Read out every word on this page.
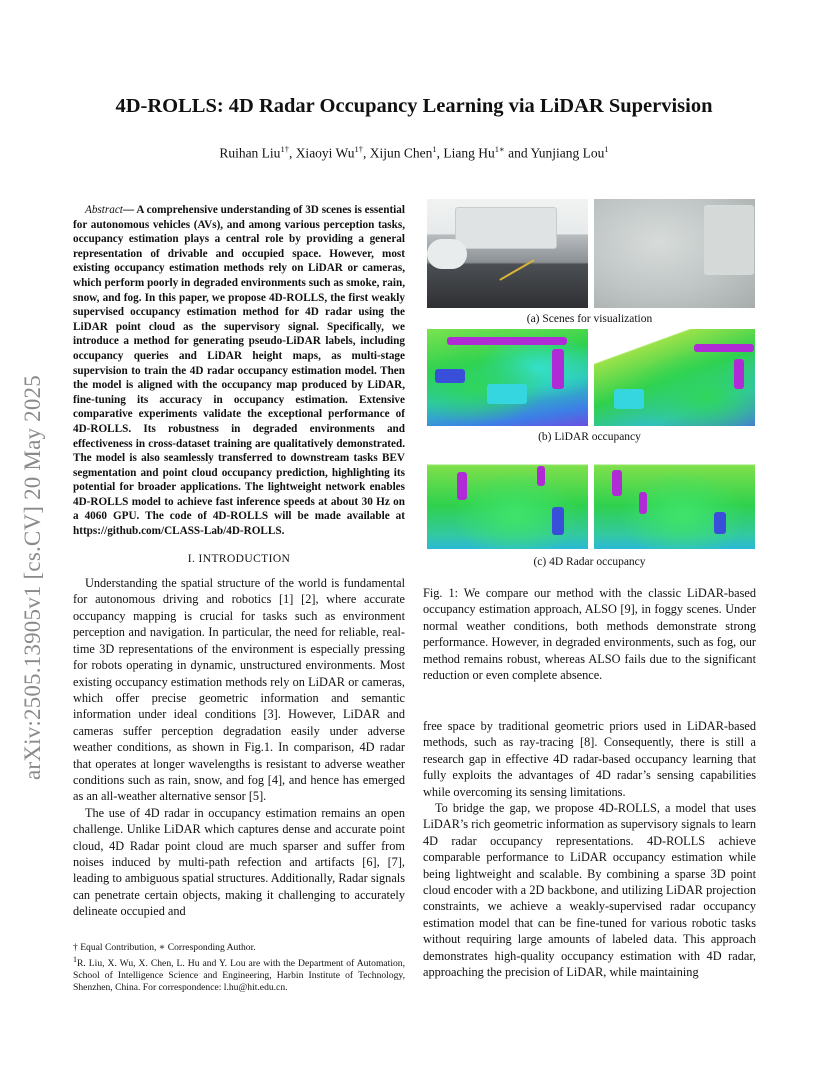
arXiv:2505.13905v1 [cs.CV] 20 May 2025
4D-ROLLS: 4D Radar Occupancy Learning via LiDAR Supervision
Ruihan Liu$^{1\dagger}$, Xiaoyi $Wu^{1\dagger}$, Xijun Chen$^1$, Liang $Hu^{1∗}$ and Yunjiang Lou$^1$

Abstract— A comprehensive understanding of 3D scenes is essential for autonomous vehicles (AVs), and among various perception tasks, occupancy estimation plays a central role by providing a general representation of drivable and occupied space. However, most existing occupancy estimation methods rely on LiDAR or cameras, which perform poorly in degraded environments such as smoke, rain, snow, and fog. In this paper, we propose 4D-ROLLS, the first weakly supervised occupancy estimation method for 4D radar using the LiDAR point cloud as the supervisory signal. Specifically, we introduce a method for generating pseudo-LiDAR labels, including occupancy queries and LiDAR height maps, as multi-stage supervision to train the 4D radar occupancy estimation model. Then the model is aligned with the occupancy map produced by LiDAR, fine-tuning its accuracy in occupancy estimation. Extensive comparative experiments validate the exceptional performance of 4D-ROLLS. Its robustness in degraded environments and effectiveness in cross-dataset training are qualitatively demonstrated. The model is also seamlessly transferred to downstream tasks BEV segmentation and point cloud occupancy prediction, highlighting its potential for broader applications. The lightweight network enables 4D-ROLLS model to achieve fast inference speeds at about 30 Hz on a 4060 GPU. The code of 4D-ROLLS will be made available at https://github.com/CLASS-Lab/4D-ROLLS.

I. INTRODUCTION

Understanding the spatial structure of the world is fundamental for autonomous driving and robotics [1] [2], where accurate occupancy mapping is crucial for tasks such as environment perception and navigation. In particular, the need for reliable, real-time 3D representations of the environment is especially pressing for robots operating in dynamic, unstructured environments. Most existing occupancy estimation methods rely on LiDAR or cameras, which offer precise geometric information and semantic information under ideal conditions [3]. However, LiDAR and cameras suffer perception degradation easily under adverse weather conditions, as shown in Fig.1. In comparison, 4D radar that operates at longer wavelengths is resistant to adverse weather conditions such as rain, snow, and fog [4], and hence has emerged as an all-weather alternative sensor [5].

The use of 4D radar in occupancy estimation remains an open challenge. Unlike LiDAR which captures dense and accurate point cloud, 4D Radar point cloud are much sparser and suffer from noises induced by multi-path refection and artifacts [6], [7], leading to ambiguous spatial structures. Additionally, Radar signals can penetrate certain objects, making it challenging to accurately delineate occupied and

† Equal Contribution, ∗ Corresponding Author.

$^1$R. Liu, X. Wu, X. Chen, L. Hu and Y. Lou are with the Department of Automation, School of Intelligence Science and Engineering, Harbin Institute of Technology, Shenzhen, China. For correspondence: l.hu@hit.edu.cn.

(a) Scenes for visualization
(b) LiDAR occupancy
(c) 4D Radar occupancy

Fig. 1: We compare our method with the classic LiDAR-based occupancy estimation approach, ALSO [9], in foggy scenes. Under normal weather conditions, both methods demonstrate strong performance. However, in degraded environments, such as fog, our method remains robust, whereas ALSO fails due to the significant reduction or even complete absence.

free space by traditional geometric priors used in LiDAR-based methods, such as ray-tracing [8]. Consequently, there is still a research gap in effective 4D radar-based occupancy learning that fully exploits the advantages of 4D radar’s sensing capabilities while overcoming its sensing limitations.

To bridge the gap, we propose 4D-ROLLS, a model that uses LiDAR’s rich geometric information as supervisory signals to learn 4D radar occupancy representations. 4D-ROLLS achieve comparable performance to LiDAR occupancy estimation while being lightweight and scalable. By combining a sparse 3D point cloud encoder with a 2D backbone, and utilizing LiDAR projection constraints, we achieve a weakly-supervised radar occupancy estimation model that can be fine-tuned for various robotic tasks without requiring large amounts of labeled data. This approach demonstrates high-quality occupancy estimation with 4D radar, approaching the precision of LiDAR, while maintaining
